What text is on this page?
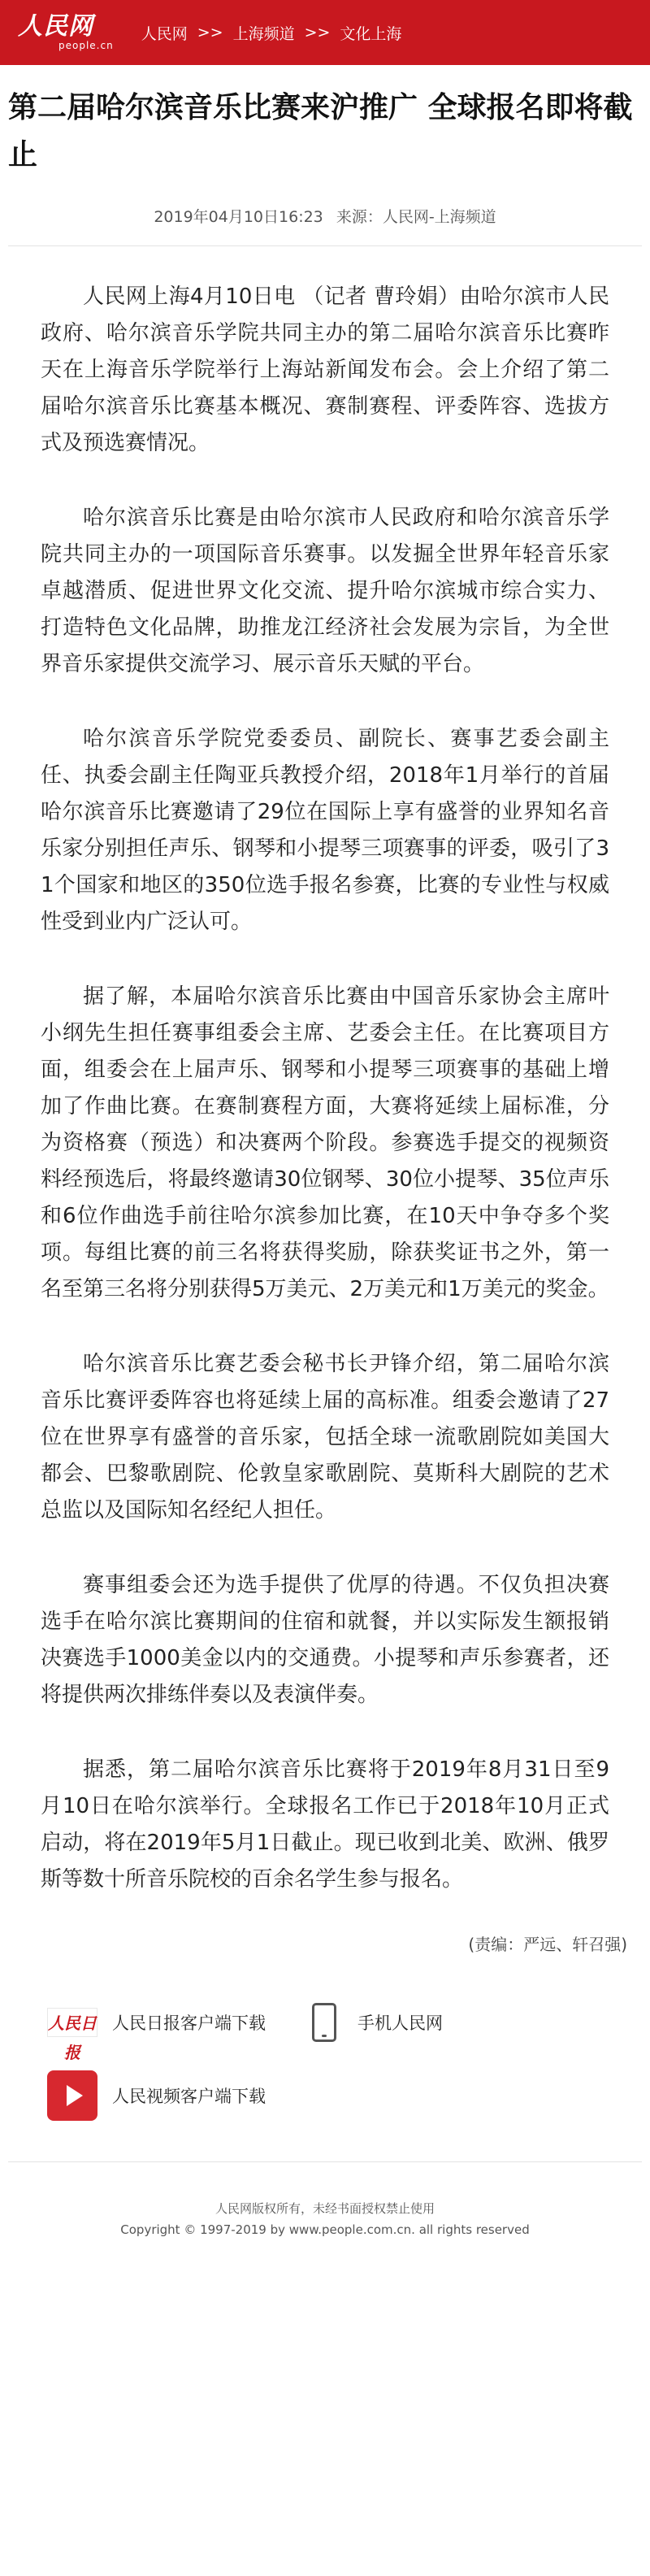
人民网
people.cn
人民网 >> 上海频道 >> 文化上海
第二届哈尔滨音乐比赛来沪推广 全球报名即将截止
2019年04月10日16:23 来源：人民网-上海频道

人民网上海4月10日电 （记者 曹玲娟）由哈尔滨市人民政府、哈尔滨音乐学院共同主办的第二届哈尔滨音乐比赛昨天在上海音乐学院举行上海站新闻发布会。会上介绍了第二届哈尔滨音乐比赛基本概况、赛制赛程、评委阵容、选拔方式及预选赛情况。

哈尔滨音乐比赛是由哈尔滨市人民政府和哈尔滨音乐学院共同主办的一项国际音乐赛事。以发掘全世界年轻音乐家卓越潜质、促进世界文化交流、提升哈尔滨城市综合实力、打造特色文化品牌，助推龙江经济社会发展为宗旨，为全世界音乐家提供交流学习、展示音乐天赋的平台。

哈尔滨音乐学院党委委员、副院长、赛事艺委会副主任、执委会副主任陶亚兵教授介绍，2018年1月举行的首届哈尔滨音乐比赛邀请了29位在国际上享有盛誉的业界知名音乐家分别担任声乐、钢琴和小提琴三项赛事的评委，吸引了31个国家和地区的350位选手报名参赛，比赛的专业性与权威性受到业内广泛认可。

据了解，本届哈尔滨音乐比赛由中国音乐家协会主席叶小纲先生担任赛事组委会主席、艺委会主任。在比赛项目方面，组委会在上届声乐、钢琴和小提琴三项赛事的基础上增加了作曲比赛。在赛制赛程方面，大赛将延续上届标准，分为资格赛（预选）和决赛两个阶段。参赛选手提交的视频资料经预选后，将最终邀请30位钢琴、30位小提琴、35位声乐和6位作曲选手前往哈尔滨参加比赛，在10天中争夺多个奖项。每组比赛的前三名将获得奖励，除获奖证书之外，第一名至第三名将分别获得5万美元、2万美元和1万美元的奖金。

哈尔滨音乐比赛艺委会秘书长尹锋介绍，第二届哈尔滨音乐比赛评委阵容也将延续上届的高标准。组委会邀请了27位在世界享有盛誉的音乐家，包括全球一流歌剧院如美国大都会、巴黎歌剧院、伦敦皇家歌剧院、莫斯科大剧院的艺术总监以及国际知名经纪人担任。

赛事组委会还为选手提供了优厚的待遇。不仅负担决赛选手在哈尔滨比赛期间的住宿和就餐，并以实际发生额报销决赛选手1000美金以内的交通费。小提琴和声乐参赛者，还将提供两次排练伴奏以及表演伴奏。

据悉，第二届哈尔滨音乐比赛将于2019年8月31日至9月10日在哈尔滨举行。全球报名工作已于2018年10月正式启动，将在2019年5月1日截止。现已收到北美、欧洲、俄罗斯等数十所音乐院校的百余名学生参与报名。

(责编：严远、轩召强)
人民日报
人民日报客户端下载	手机人民网
人民视频客户端下载
人民网版权所有，未经书面授权禁止使用
Copyright © 1997-2019 by www.people.com.cn. all rights reserved
